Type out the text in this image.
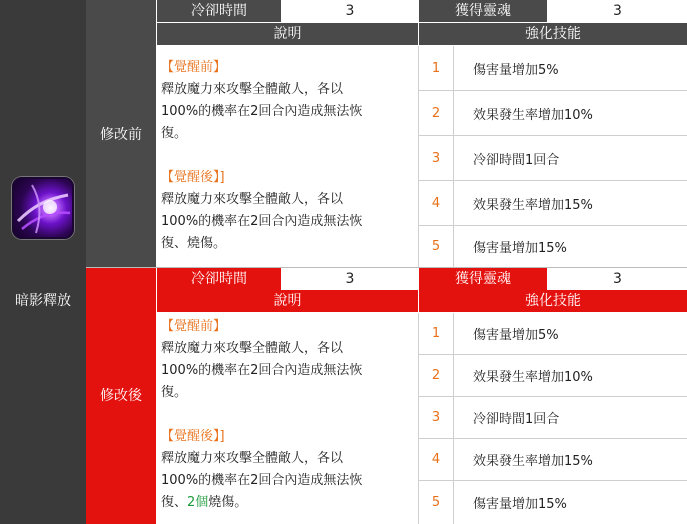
暗影釋放
修改前
冷卻時間	3	獲得靈魂	3
說明	強化技能

【覺醒前】

釋放魔力來攻擊全體敵人，各以

100%的機率在2回合內造成無法恢

復。

【覺醒後】]

釋放魔力來攻擊全體敵人，各以

100%的機率在2回合內造成無法恢

復、燒傷。

1	傷害量增加5%
2	效果發生率增加10%
3	冷卻時間1回合
4	效果發生率增加15%
5	傷害量增加15%
修改後
冷卻時間	3	獲得靈魂	3
說明	強化技能

【覺醒前】

釋放魔力來攻擊全體敵人，各以

100%的機率在2回合內造成無法恢

復。

【覺醒後】]

釋放魔力來攻擊全體敵人，各以

100%的機率在2回合內造成無法恢

復、2個燒傷。

1	傷害量增加5%
2	效果發生率增加10%
3	冷卻時間1回合
4	效果發生率增加15%
5	傷害量增加15%
